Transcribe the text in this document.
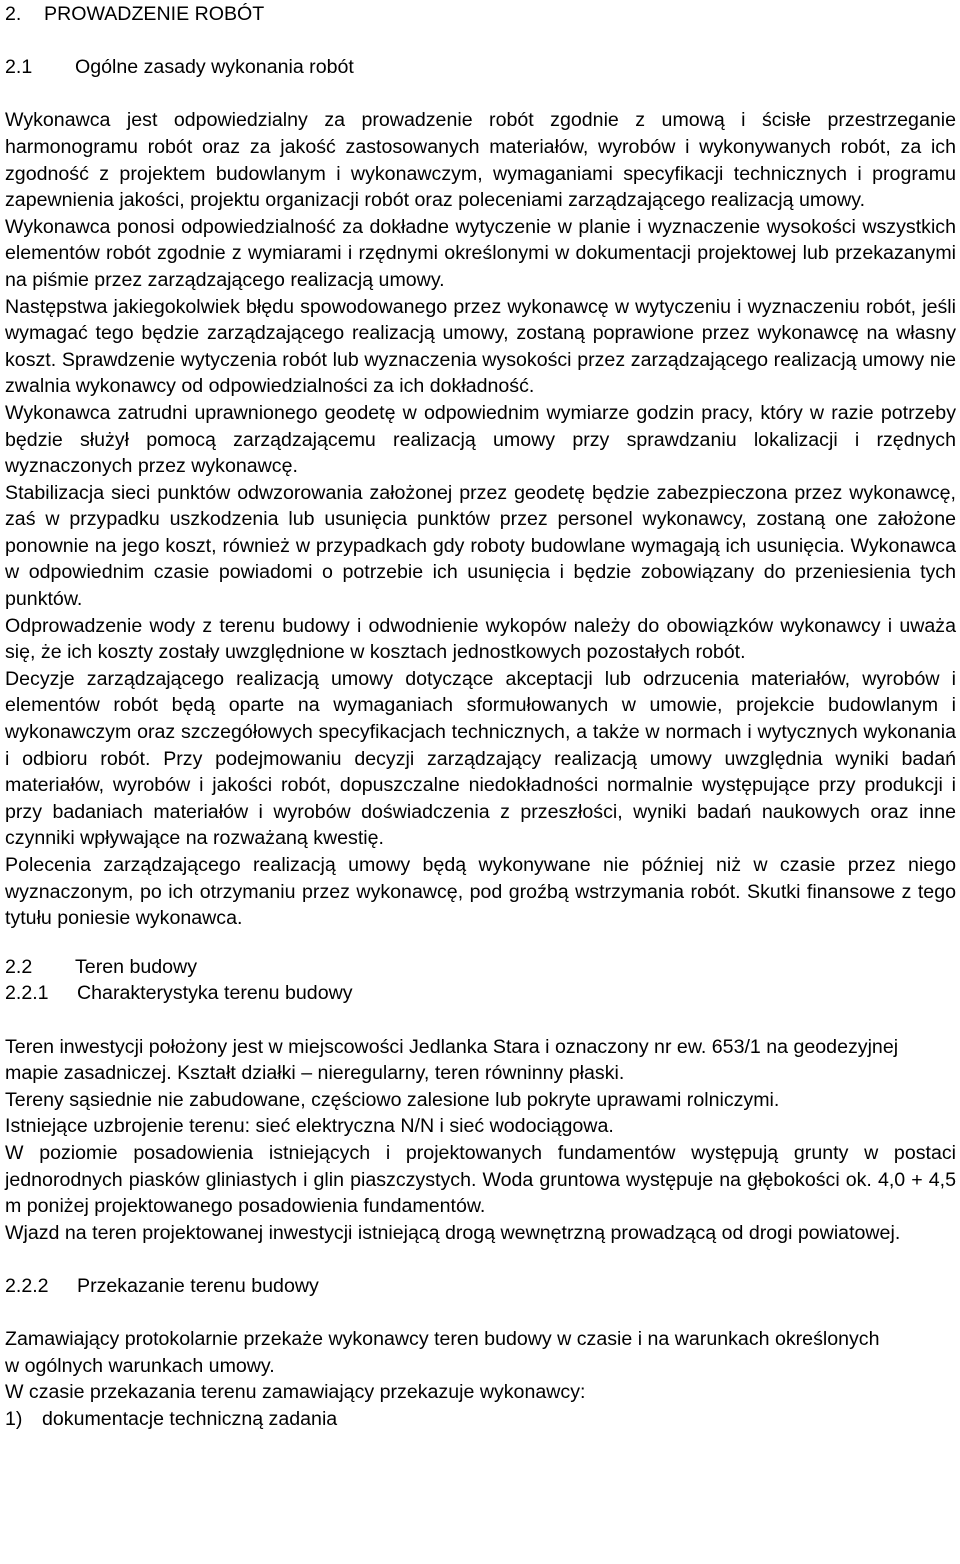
2.	PROWADZENIE ROBÓT
2.1	Ogólne zasady wykonania robót

Wykonawca jest odpowiedzialny za prowadzenie robót zgodnie z umową i ścisłe przestrzeganie harmonogramu robót oraz za jakość zastosowanych materiałów, wyrobów i wykonywanych robót, za ich zgodność z projektem budowlanym i wykonawczym, wymaganiami specyfikacji technicznych i programu zapewnienia jakości, projektu organizacji robót oraz poleceniami zarządzającego realizacją umowy.

Wykonawca ponosi odpowiedzialność za dokładne wytyczenie w planie i wyznaczenie wysokości wszystkich elementów robót zgodnie z wymiarami i rzędnymi określonymi w dokumentacji projektowej lub przekazanymi na piśmie przez zarządzającego realizacją umowy.

Następstwa jakiegokolwiek błędu spowodowanego przez wykonawcę w wytyczeniu i wyznaczeniu robót, jeśli wymagać tego będzie zarządzającego realizacją umowy, zostaną poprawione przez wykonawcę na własny koszt. Sprawdzenie wytyczenia robót lub wyznaczenia wysokości przez zarządzającego realizacją umowy nie zwalnia wykonawcy od odpowiedzialności za ich dokładność.

Wykonawca zatrudni uprawnionego geodetę w odpowiednim wymiarze godzin pracy, który w razie potrzeby będzie służył pomocą zarządzającemu realizacją umowy przy sprawdzaniu lokalizacji i rzędnych wyznaczonych przez wykonawcę.

Stabilizacja sieci punktów odwzorowania założonej przez geodetę będzie zabezpieczona przez wykonawcę, zaś w przypadku uszkodzenia lub usunięcia punktów przez personel wykonawcy, zostaną one założone ponownie na jego koszt, również w przypadkach gdy roboty budowlane wymagają ich usunięcia. Wykonawca w odpowiednim czasie powiadomi o potrzebie ich usunięcia i będzie zobowiązany do przeniesienia tych punktów.

Odprowadzenie wody z terenu budowy i odwodnienie wykopów należy do obowiązków wykonawcy i uważa się, że ich koszty zostały uwzględnione w kosztach jednostkowych pozostałych robót.

Decyzje zarządzającego realizacją umowy dotyczące akceptacji lub odrzucenia materiałów, wyrobów i elementów robót będą oparte na wymaganiach sformułowanych w umowie, projekcie budowlanym i wykonawczym oraz szczegółowych specyfikacjach technicznych, a także w normach i wytycznych wykonania i odbioru robót. Przy podejmowaniu decyzji zarządzający realizacją umowy uwzględnia wyniki badań materiałów, wyrobów i jakości robót, dopuszczalne niedokładności normalnie występujące przy produkcji i przy badaniach materiałów i wyrobów doświadczenia z przeszłości, wyniki badań naukowych oraz inne czynniki wpływające na rozważaną kwestię.

Polecenia zarządzającego realizacją umowy będą wykonywane nie później niż w czasie przez niego wyznaczonym, po ich otrzymaniu przez wykonawcę, pod groźbą wstrzymania robót. Skutki finansowe z tego tytułu poniesie wykonawca.

2.2	Teren budowy
2.2.1	Charakterystyka terenu budowy

Teren inwestycji położony jest w miejscowości Jedlanka Stara i oznaczony nr ew. 653/1 na geodezyjnej mapie zasadniczej. Kształt działki – nieregularny, teren równinny płaski.

Tereny sąsiednie nie zabudowane, częściowo zalesione lub pokryte uprawami rolniczymi.

Istniejące uzbrojenie terenu: sieć elektryczna N/N i sieć wodociągowa.

W poziomie posadowienia istniejących i projektowanych fundamentów występują grunty w postaci jednorodnych piasków gliniastych i glin piaszczystych. Woda gruntowa występuje na głębokości ok. 4,0 + 4,5 m poniżej projektowanego posadowienia fundamentów.

Wjazd na teren projektowanej inwestycji istniejącą drogą wewnętrzną prowadzącą od drogi powiatowej.

2.2.2	Przekazanie terenu budowy

Zamawiający protokolarnie przekaże wykonawcy teren budowy w czasie i na warunkach określonych w ogólnych warunkach umowy.

W czasie przekazania terenu zamawiający przekazuje wykonawcy:

1) dokumentacje techniczną zadania
